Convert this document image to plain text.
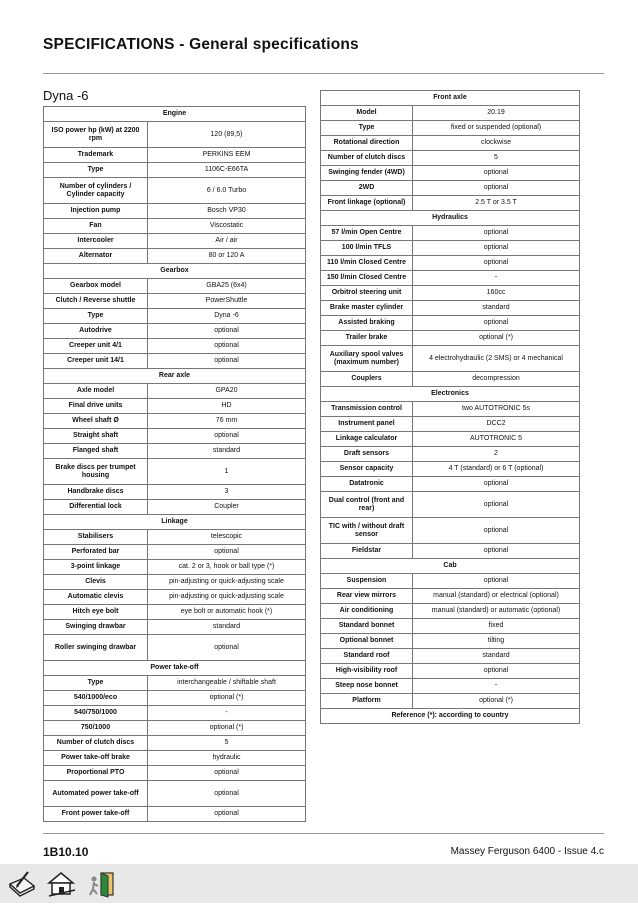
SPECIFICATIONS - General specifications
Dyna -6
Engine	
ISO power hp (kW) at 2200 rpm	120 (89,5)
Trademark	PERKINS EEM
Type	1106C-E66TA
Number of cylinders / Cylinder capacity	6 / 6.0 Turbo
Injection pump	Bosch VP30
Fan	Viscostatic
Intercooler	Air / air
Alternator	80 or 120 A
Gearbox	
Gearbox model	GBA25 (6x4)
Clutch / Reverse shuttle	PowerShuttle
Type	Dyna -6
Autodrive	optional
Creeper unit 4/1	optional
Creeper unit 14/1	optional
Rear axle	
Axle model	GPA20
Final drive units	HD
Wheel shaft Ø	76 mm
Straight shaft	optional
Flanged shaft	standard
Brake discs per trumpet housing	1
Handbrake discs	3
Differential lock	Coupler
Linkage	
Stabilisers	telescopic
Perforated bar	optional
3-point linkage	cat. 2 or 3, hook or ball type (*)
Clevis	pin-adjusting or quick-adjusting scale
Automatic clevis	pin-adjusting or quick-adjusting scale
Hitch eye bolt	eye bolt or automatic hook (*)
Swinging drawbar	standard
Roller swinging drawbar	optional
Power take-off	
Type	interchangeable / shiftable shaft
540/1000/eco	optional (*)
540/750/1000	-
750/1000	optional (*)
Number of clutch discs	5
Power take-off brake	hydraulic
Proportional PTO	optional
Automated power take-off	optional
Front power take-off	optional
Front axle	
Model	20.19
Type	fixed or suspended (optional)
Rotational direction	clockwise
Number of clutch discs	5
Swinging fender (4WD)	optional
2WD	optional
Front linkage (optional)	2.5 T or 3.5 T
Hydraulics	
57 l/min Open Centre	optional
100 l/min TFLS	optional
110 l/min Closed Centre	optional
150 l/min Closed Centre	-
Orbitrol steering unit	160cc
Brake master cylinder	standard
Assisted braking	optional
Trailer brake	optional (*)
Auxiliary spool valves (maximum number)	4 electrohydraulic (2 SMS) or 4 mechanical
Couplers	decompression
Electronics	
Transmission control	two AUTOTRONIC 5s
Instrument panel	DCC2
Linkage calculator	AUTOTRONIC 5
Draft sensors	2
Sensor capacity	4 T (standard) or 6 T (optional)
Datatronic	optional
Dual control (front and rear)	optional
TIC with / without draft sensor	optional
Fieldstar	optional
Cab	
Suspension	optional
Rear view mirrors	manual (standard) or electrical (optional)
Air conditioning	manual (standard) or automatic (optional)
Standard bonnet	fixed
Optional bonnet	tilting
Standard roof	standard
High-visibility roof	optional
Steep nose bonnet	-
Platform	optional (*)
Reference (*): according to country	
1B10.10	Massey Ferguson 6400 - Issue 4.c
